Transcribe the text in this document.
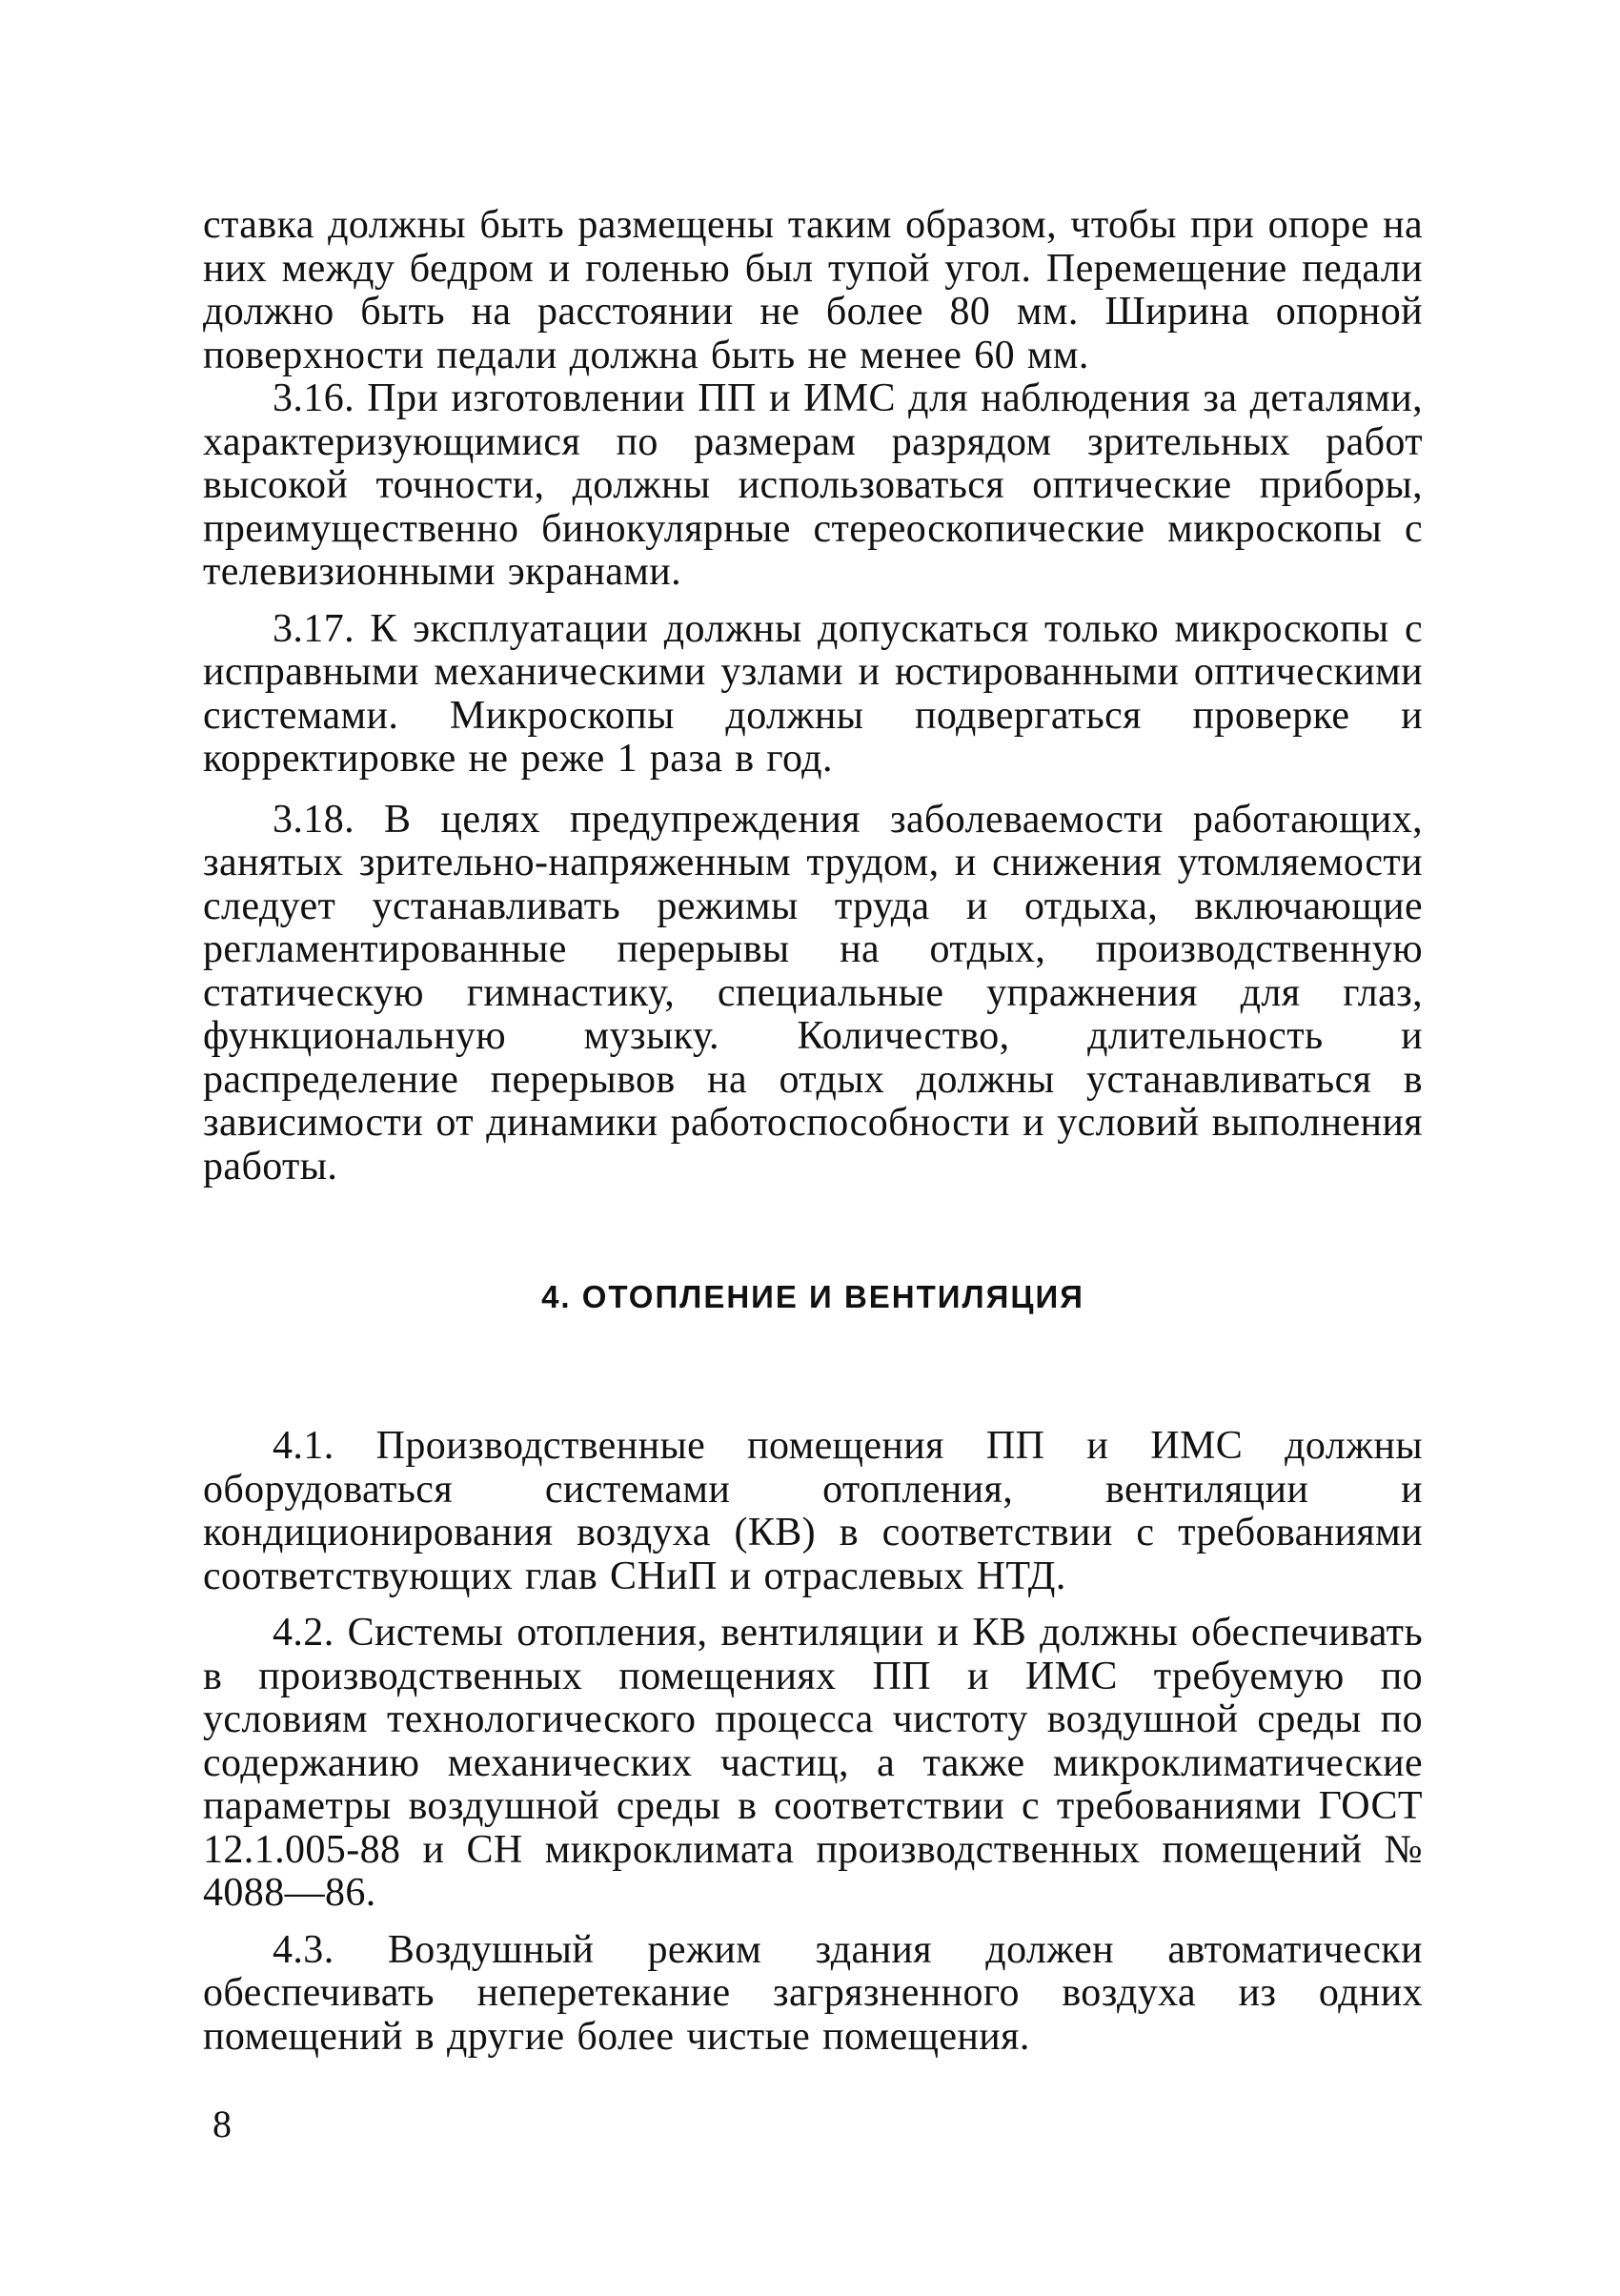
ставка должны быть размещены таким образом, чтобы при опоре на них между бедром и голенью был тупой угол. Перемещение педали должно быть на расстоянии не более 80 мм. Ширина опорной поверхности педали должна быть не менее 60 мм.

3.16. При изготовлении ПП и ИМС для наблюдения за деталями, характеризующимися по размерам разрядом зрительных работ высокой точности, должны использоваться оптические приборы, преимущественно бинокулярные стереоскопические микроскопы с телевизионными экранами.

3.17. К эксплуатации должны допускаться только микроскопы с исправными механическими узлами и юстированными оптическими системами. Микроскопы должны подвергаться проверке и корректировке не реже 1 раза в год.

3.18. В целях предупреждения заболеваемости работающих, занятых зрительно-напряженным трудом, и снижения утомляемости следует устанавливать режимы труда и отдыха, включающие регламентированные перерывы на отдых, производственную статическую гимнастику, специальные упражнения для глаз, функциональную музыку. Количество, длительность и распределение перерывов на отдых должны устанавливаться в зависимости от динамики работоспособности и условий выполнения работы.

4. ОТОПЛЕНИЕ И ВЕНТИЛЯЦИЯ

4.1. Производственные помещения ПП и ИМС должны оборудоваться системами отопления, вентиляции и кондиционирования воздуха (КВ) в соответствии с требованиями соответствующих глав СНиП и отраслевых НТД.

4.2. Системы отопления, вентиляции и КВ должны обеспечивать в производственных помещениях ПП и ИМС требуемую по условиям технологического процесса чистоту воздушной среды по содержанию механических частиц, а также микроклиматические параметры воздушной среды в соответствии с требованиями ГОСТ 12.1.005-88 и СН микроклимата производственных помещений № 4088—86.

4.3. Воздушный режим здания должен автоматически обеспечивать неперетекание загрязненного воздуха из одних помещений в другие более чистые помещения.

8
